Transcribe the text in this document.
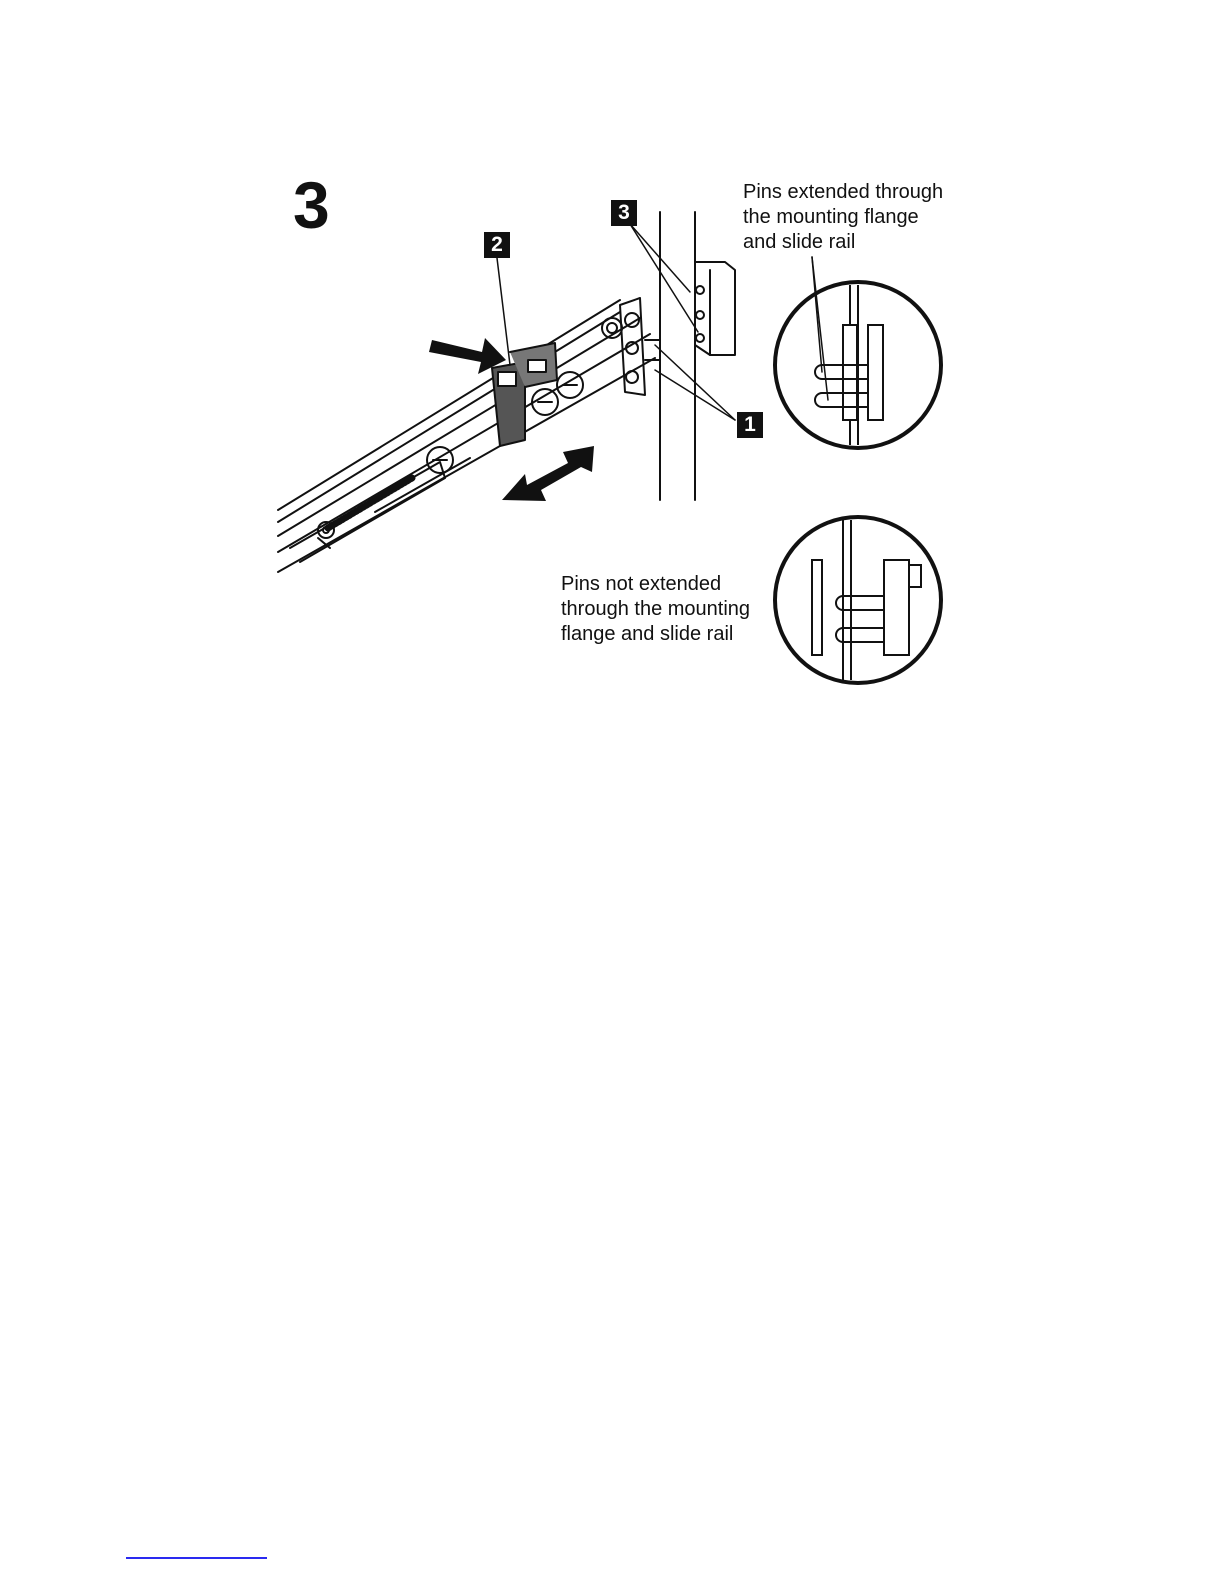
3
2
3
1
Pins extended through
the mounting flange
and slide rail
Pins not extended
through the mounting
flange and slide rail
